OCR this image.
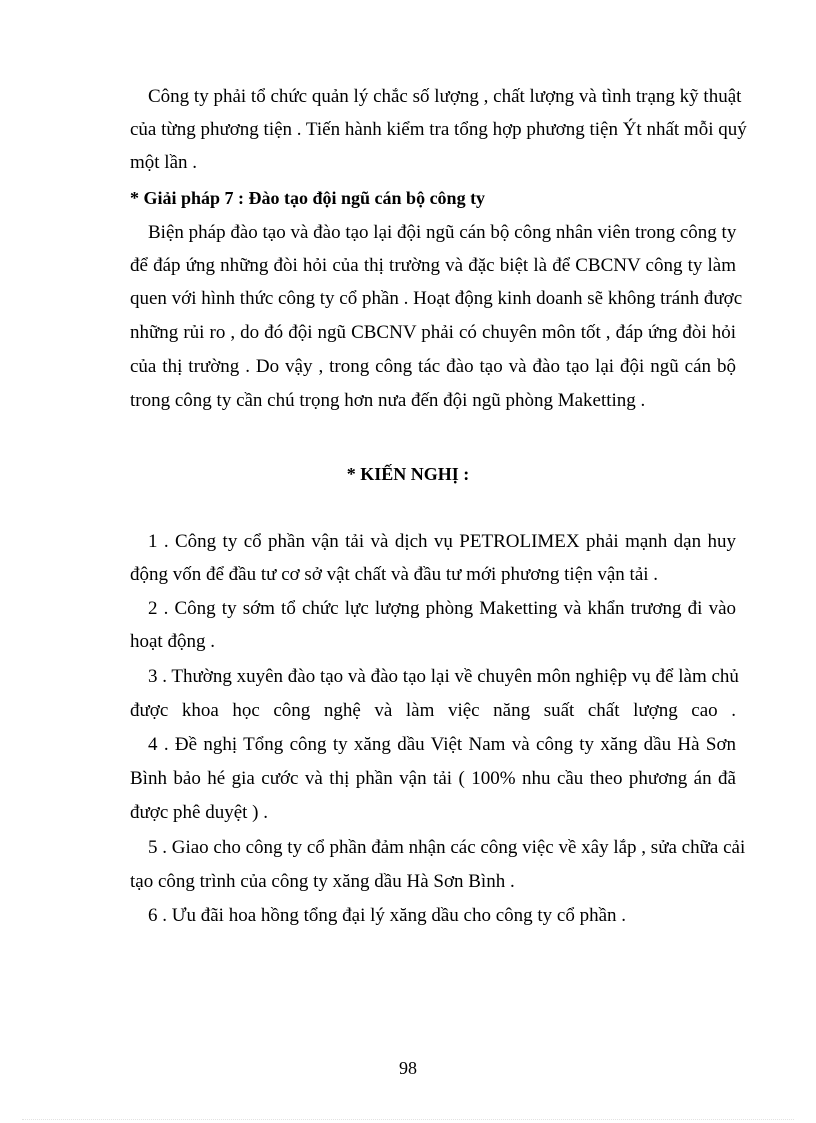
Công ty phải tổ chức quản lý chắc số lượng , chất lượng và tình trạng kỹ thuật
của từng phương tiện . Tiến hành kiểm tra tổng hợp phương tiện Ýt nhất mỗi quý
một lần .
* Giải pháp 7 : Đào tạo đội ngũ cán bộ công ty
Biện pháp đào tạo và đào tạo lại đội ngũ cán bộ công nhân viên trong công ty
để đáp ứng những đòi hỏi của thị trường và đặc biệt là để CBCNV công ty làm
quen với hình thức công ty cổ phần . Hoạt động kinh doanh sẽ không tránh được
những rủi ro , do đó đội ngũ CBCNV phải có chuyên môn tốt , đáp ứng đòi hỏi
của thị trường . Do vậy , trong công tác đào tạo và đào tạo lại đội ngũ cán bộ
trong công ty cần chú trọng hơn nưa đến đội ngũ phòng Maketting .
* KIẾN NGHỊ :
1 . Công ty cổ phần vận tải và dịch vụ PETROLIMEX phải mạnh dạn huy
động vốn để đầu tư cơ sở vật chất và đầu tư mới phương tiện vận tải .
2 . Công ty sớm tổ chức lực lượng phòng Maketting và khẩn trương đi vào
hoạt động .
3 . Thường xuyên đào tạo và đào tạo lại về chuyên môn nghiệp vụ để làm chủ
được khoa học công nghệ và làm việc năng suất chất lượng cao .
4 . Đề nghị Tổng công ty xăng dầu Việt Nam và công ty xăng dầu Hà Sơn
Bình bảo hé gia cước và thị phần vận tải ( 100% nhu cầu theo phương án đã
được phê duyệt ) .
5 . Giao cho công ty cổ phần đảm nhận các công việc về xây lắp , sửa chữa cải
tạo công trình của công ty xăng dầu Hà Sơn Bình .
6 . Ưu đãi hoa hồng tổng đại lý xăng dầu cho công ty cổ phần .
98
